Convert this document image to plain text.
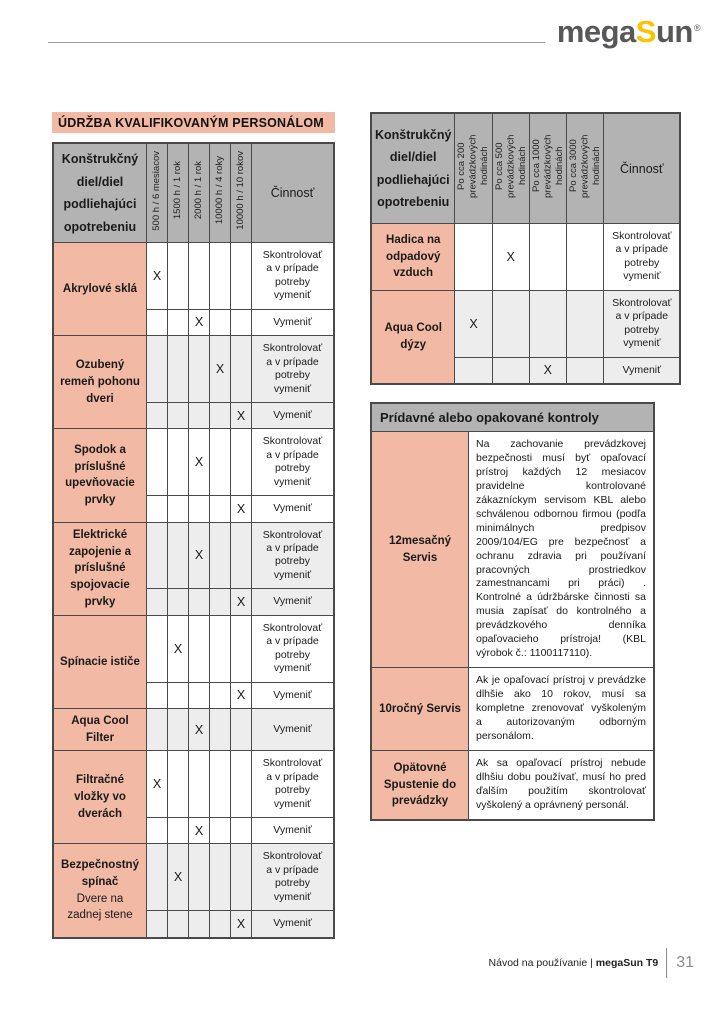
megaSun®
ÚDRŽBA KVALIFIKOVANÝM PERSONÁLOM
Konštrukčný diel/diel podliehajúci opotrebeniu	500 h / 6 mesiacov	1500 h / 1 rok	2000 h / 1 rok	10000 h / 4 roky	10000 h / 10 rokov	Činnosť
Akrylové sklá	X					Skontrolovať a v prípade potreby vymeniť
			X			Vymeniť
Ozubený remeň pohonu dveri				X		Skontrolovať a v prípade potreby vymeniť
					X	Vymeniť
Spodok a príslušné upevňovacie prvky			X			Skontrolovať a v prípade potreby vymeniť
					X	Vymeniť
Elektrické zapojenie a príslušné spojovacie prvky			X			Skontrolovať a v prípade potreby vymeniť
					X	Vymeniť
Spínacie ističe		X				Skontrolovať a v prípade potreby vymeniť
					X	Vymeniť
Aqua Cool Filter			X			Vymeniť
Filtračné vložky vo dverách	X					Skontrolovať a v prípade potreby vymeniť
			X			Vymeniť
Bezpečnostný spínač
Dvere na zadnej stene		X				Skontrolovať a v prípade potreby vymeniť
					X	Vymeniť
Konštrukčný diel/diel podliehajúci opotrebeniu	Po cca 200 prevádzkových hodinách	Po cca 500 prevádzkových hodinách	Po cca 1000 prevádzkových hodinách	Po cca 3000 prevádzkových hodinách	Činnosť
Hadica na odpadový vzduch		X			Skontrolovať a v prípade potreby vymeniť
Aqua Cool dýzy	X				Skontrolovať a v prípade potreby vymeniť
			X		Vymeniť
Prídavné alebo opakované kontroly	
12mesačný Servis	Na zachovanie prevádzkovej bezpečnosti musí byť opaľovací prístroj každých 12 mesiacov pravidelne kontrolované zákazníckym servisom KBL alebo schválenou odbornou firmou (podľa minimálnych predpisov 2009/104/EG pre bezpečnosť a ochranu zdravia pri používaní pracovných prostriedkov zamestnancami pri práci) . Kontrolné a údržbárske činnosti sa musia zapísať do kontrolného a prevádzkového denníka opaľovacieho prístroja! (KBL výrobok č.: 1100117110).
10ročný Servis	Ak je opaľovací prístroj v prevádzke dlhšie ako 10 rokov, musí sa kompletne zrenovovať vyškoleným a autorizovaným odborným personálom.
Opätovné Spustenie do prevádzky	Ak sa opaľovací prístroj nebude dlhšiu dobu používať, musí ho pred ďalším použitím skontrolovať vyškolený a oprávnený personál.
Návod na používanie | megaSun T9 31
